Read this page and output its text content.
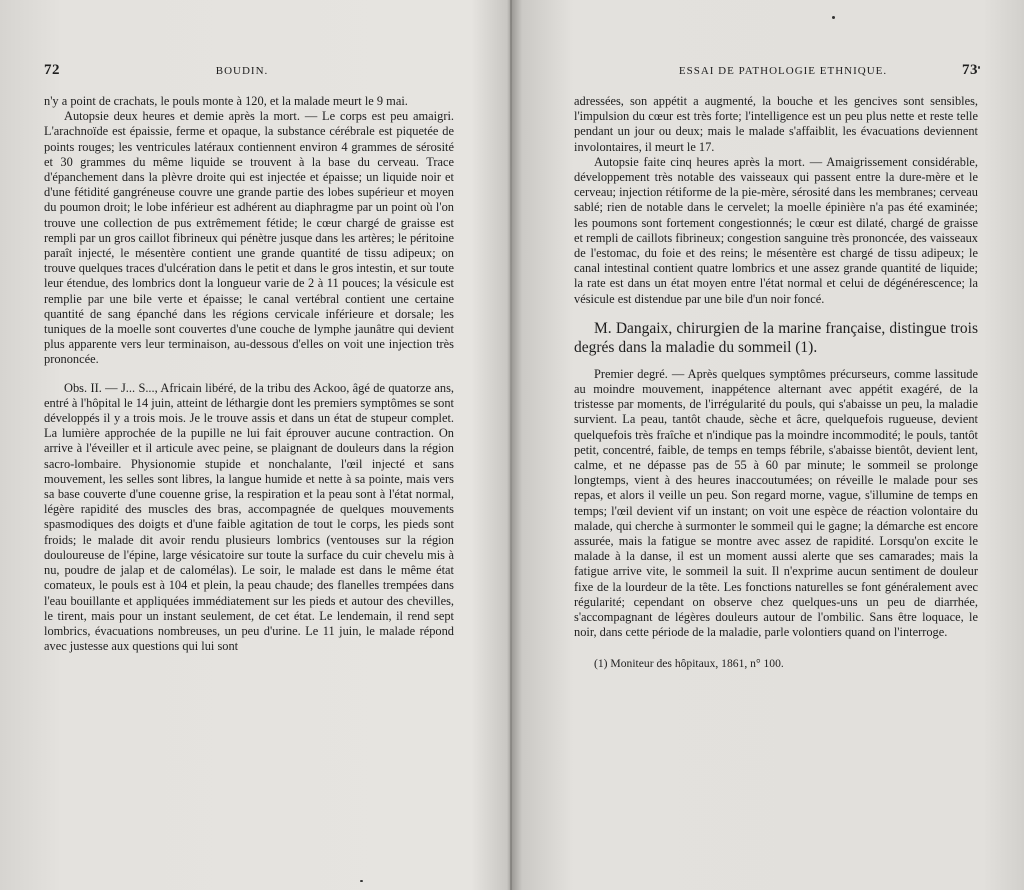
72	BOUDIN.

n'y a point de crachats, le pouls monte à 120, et la malade meurt le 9 mai.

Autopsie deux heures et demie après la mort. — Le corps est peu amaigri. L'arachnoïde est épaissie, ferme et opaque, la substance cérébrale est piquetée de points rouges; les ventricules latéraux contiennent environ 4 grammes de sérosité et 30 grammes du même liquide se trouvent à la base du cerveau. Trace d'épanchement dans la plèvre droite qui est injectée et épaisse; un liquide noir et d'une fétidité gangréneuse couvre une grande partie des lobes supérieur et moyen du poumon droit; le lobe inférieur est adhérent au diaphragme par un point où l'on trouve une collection de pus extrêmement fétide; le cœur chargé de graisse est rempli par un gros caillot fibrineux qui pénètre jusque dans les artères; le péritoine paraît injecté, le mésentère contient une grande quantité de tissu adipeux; on trouve quelques traces d'ulcération dans le petit et dans le gros intestin, et sur toute leur étendue, des lombrics dont la longueur varie de 2 à 11 pouces; la vésicule est remplie par une bile verte et épaisse; le canal vertébral contient une certaine quantité de sang épanché dans les régions cervicale inférieure et dorsale; les tuniques de la moelle sont couvertes d'une couche de lymphe jaunâtre qui devient plus apparente vers leur terminaison, au-dessous d'elles on voit une injection très prononcée.

Obs. II. — J... S..., Africain libéré, de la tribu des Ackoo, âgé de quatorze ans, entré à l'hôpital le 14 juin, atteint de léthargie dont les premiers symptômes se sont développés il y a trois mois. Je le trouve assis et dans un état de stupeur complet. La lumière approchée de la pupille ne lui fait éprouver aucune contraction. On arrive à l'éveiller et il articule avec peine, se plaignant de douleurs dans la région sacro-lombaire. Physionomie stupide et nonchalante, l'œil injecté et sans mouvement, les selles sont libres, la langue humide et nette à sa pointe, mais vers sa base couverte d'une couenne grise, la respiration et la peau sont à l'état normal, légère rapidité des muscles des bras, accompagnée de quelques mouvements spasmodiques des doigts et d'une faible agitation de tout le corps, les pieds sont froids; le malade dit avoir rendu plusieurs lombrics (ventouses sur la région douloureuse de l'épine, large vésicatoire sur toute la surface du cuir chevelu mis à nu, poudre de jalap et de calomélas). Le soir, le malade est dans le même état comateux, le pouls est à 104 et plein, la peau chaude; des flanelles trempées dans l'eau bouillante et appliquées immédiatement sur les pieds et autour des chevilles, le tirent, mais pour un instant seulement, de cet état. Le lendemain, il rend sept lombrics, évacuations nombreuses, un peu d'urine. Le 11 juin, le malade répond avec justesse aux questions qui lui sont

ESSAI DE PATHOLOGIE ETHNIQUE.	73

adressées, son appétit a augmenté, la bouche et les gencives sont sensibles, l'impulsion du cœur est très forte; l'intelligence est un peu plus nette et reste telle pendant un jour ou deux; mais le malade s'affaiblit, les évacuations deviennent involontaires, il meurt le 17.

Autopsie faite cinq heures après la mort. — Amaigrissement considérable, développement très notable des vaisseaux qui passent entre la dure-mère et le cerveau; injection rétiforme de la pie-mère, sérosité dans les membranes; cerveau sablé; rien de notable dans le cervelet; la moelle épinière n'a pas été examinée; les poumons sont fortement congestionnés; le cœur est dilaté, chargé de graisse et rempli de caillots fibrineux; congestion sanguine très prononcée, des vaisseaux de l'estomac, du foie et des reins; le mésentère est chargé de tissu adipeux; le canal intestinal contient quatre lombrics et une assez grande quantité de liquide; la rate est dans un état moyen entre l'état normal et celui de dégénérescence; la vésicule est distendue par une bile d'un noir foncé.

M. Dangaix, chirurgien de la marine française, distingue trois degrés dans la maladie du sommeil (1).

Premier degré. — Après quelques symptômes précurseurs, comme lassitude au moindre mouvement, inappétence alternant avec appétit exagéré, de la tristesse par moments, de l'irrégularité du pouls, qui s'abaisse un peu, la maladie survient. La peau, tantôt chaude, sèche et âcre, quelquefois rugueuse, devient quelquefois très fraîche et n'indique pas la moindre incommodité; le pouls, tantôt petit, concentré, faible, de temps en temps fébrile, s'abaisse bientôt, devient lent, calme, et ne dépasse pas de 55 à 60 par minute; le sommeil se prolonge longtemps, vient à des heures inaccoutumées; on réveille le malade pour ses repas, et alors il veille un peu. Son regard morne, vague, s'illumine de temps en temps; l'œil devient vif un instant; on voit une espèce de réaction volontaire du malade, qui cherche à surmonter le sommeil qui le gagne; la démarche est encore assurée, mais la fatigue se montre avec assez de rapidité. Lorsqu'on excite le malade à la danse, il est un moment aussi alerte que ses camarades; mais la fatigue arrive vite, le sommeil la suit. Il n'exprime aucun sentiment de douleur fixe de la lourdeur de la tête. Les fonctions naturelles se font généralement avec régularité; cependant on observe chez quelques-uns un peu de diarrhée, s'accompagnant de légères douleurs autour de l'ombilic. Sans être loquace, le noir, dans cette période de la maladie, parle volontiers quand on l'interroge.

(1) Moniteur des hôpitaux, 1861, n° 100.
